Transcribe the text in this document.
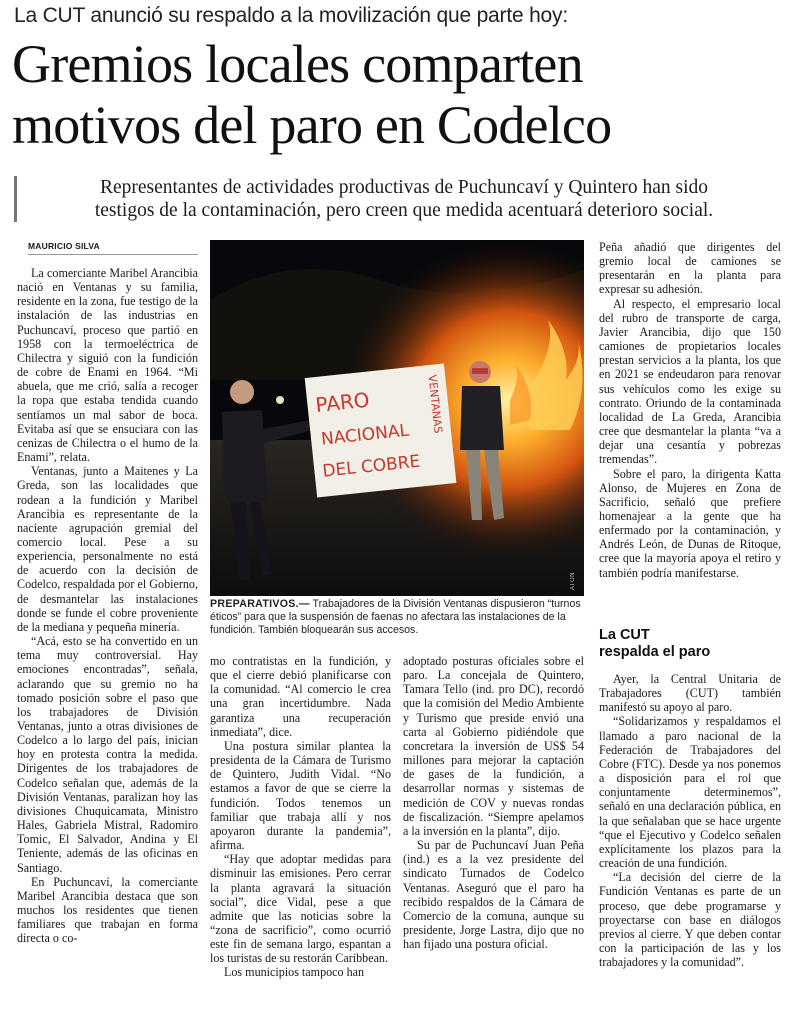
La CUT anunció su respaldo a la movilización que parte hoy:
Gremios locales comparten
motivos del paro en Codelco
Representantes de actividades productivas de Puchuncaví y Quintero han sido
testigos de la contaminación, pero creen que medida acentuará deterioro social.
MAURICIO SILVA

La comerciante Maribel Arancibia nació en Ventanas y su familia, residente en la zona, fue testigo de la instalación de las industrias en Puchuncaví, proceso que partió en 1958 con la termoeléctrica de Chilectra y siguió con la fundición de cobre de Enami en 1964. “Mi abuela, que me crió, salía a recoger la ropa que estaba tendida cuando sentíamos un mal sabor de boca. Evitaba así que se ensuciara con las cenizas de Chilectra o el humo de la Enami”, relata.

Ventanas, junto a Maitenes y La Greda, son las localidades que rodean a la fundición y Maribel Arancibia es representante de la naciente agrupación gremial del comercio local. Pese a su experiencia, personalmente no está de acuerdo con la decisión de Codelco, respaldada por el Gobierno, de desmantelar las instalaciones donde se funde el cobre proveniente de la mediana y pequeña minería.

“Acá, esto se ha convertido en un tema muy controversial. Hay emociones encontradas”, señala, aclarando que su gremio no ha tomado posición sobre el paso que los trabajadores de División Ventanas, junto a otras divisiones de Codelco a lo largo del país, inician hoy en protesta contra la medida. Dirigentes de los trabajadores de Codelco señalan que, además de la División Ventanas, paralizan hoy las divisiones Chuquicamata, Ministro Hales, Gabriela Mistral, Radomiro Tomic, El Salvador, Andina y El Teniente, además de las oficinas en Santiago.

En Puchuncaví, la comerciante Maribel Arancibia destaca que son muchos los residentes que tienen familiares que trabajan en forma directa o co-

PARO
NACIONAL
DEL COBRE
VENTANAS
ATON
PREPARATIVOS.— Trabajadores de la División Ventanas dispusieron “turnos éticos” para que la suspensión de faenas no afectara las instalaciones de la fundición. También bloquearán sus accesos.

mo contratistas en la fundición, y que el cierre debió planificarse con la comunidad. “Al comercio le crea una gran incertidumbre. Nada garantiza una recuperación inmediata”, dice.

Una postura similar plantea la presidenta de la Cámara de Turismo de Quintero, Judith Vidal. “No estamos a favor de que se cierre la fundición. Todos tenemos un familiar que trabaja allí y nos apoyaron durante la pandemia”, afirma.

“Hay que adoptar medidas para disminuir las emisiones. Pero cerrar la planta agravará la situación social”, dice Vidal, pese a que admite que las noticias sobre la “zona de sacrificio”, como ocurrió este fin de semana largo, espantan a los turistas de su restorán Caribbean.

Los municipios tampoco han

adoptado posturas oficiales sobre el paro. La concejala de Quintero, Tamara Tello (ind. pro DC), recordó que la comisión del Medio Ambiente y Turismo que preside envió una carta al Gobierno pidiéndole que concretara la inversión de US$ 54 millones para mejorar la captación de gases de la fundición, a desarrollar normas y sistemas de medición de COV y nuevas rondas de fiscalización. “Siempre apelamos a la inversión en la planta”, dijo.

Su par de Puchuncaví Juan Peña (ind.) es a la vez presidente del sindicato Turnados de Codelco Ventanas. Aseguró que el paro ha recibido respaldos de la Cámara de Comercio de la comuna, aunque su presidente, Jorge Lastra, dijo que no han fijado una postura oficial.

Peña añadió que dirigentes del gremio local de camiones se presentarán en la planta para expresar su adhesión.

Al respecto, el empresario local del rubro de transporte de carga, Javier Arancibia, dijo que 150 camiones de propietarios locales prestan servicios a la planta, los que en 2021 se endeudaron para renovar sus vehículos como les exige su contrato. Oriundo de la contaminada localidad de La Greda, Arancibia cree que desmantelar la planta “va a dejar una cesantía y pobrezas tremendas”.

Sobre el paro, la dirigenta Katta Alonso, de Mujeres en Zona de Sacrificio, señaló que prefiere homenajear a la gente que ha enfermado por la contaminación, y Andrés León, de Dunas de Ritoque, cree que la mayoría apoya el retiro y también podría manifestarse.

La CUT
respalda el paro

Ayer, la Central Unitaria de Trabajadores (CUT) también manifestó su apoyo al paro.

“Solidarizamos y respaldamos el llamado a paro nacional de la Federación de Trabajadores del Cobre (FTC). Desde ya nos ponemos a disposición para el rol que conjuntamente determinemos”, señaló en una declaración pública, en la que señalaban que se hace urgente “que el Ejecutivo y Codelco señalen explícitamente los plazos para la creación de una fundición.

“La decisión del cierre de la Fundición Ventanas es parte de un proceso, que debe programarse y proyectarse con base en diálogos previos al cierre. Y que deben contar con la participación de las y los trabajadores y la comunidad”.
